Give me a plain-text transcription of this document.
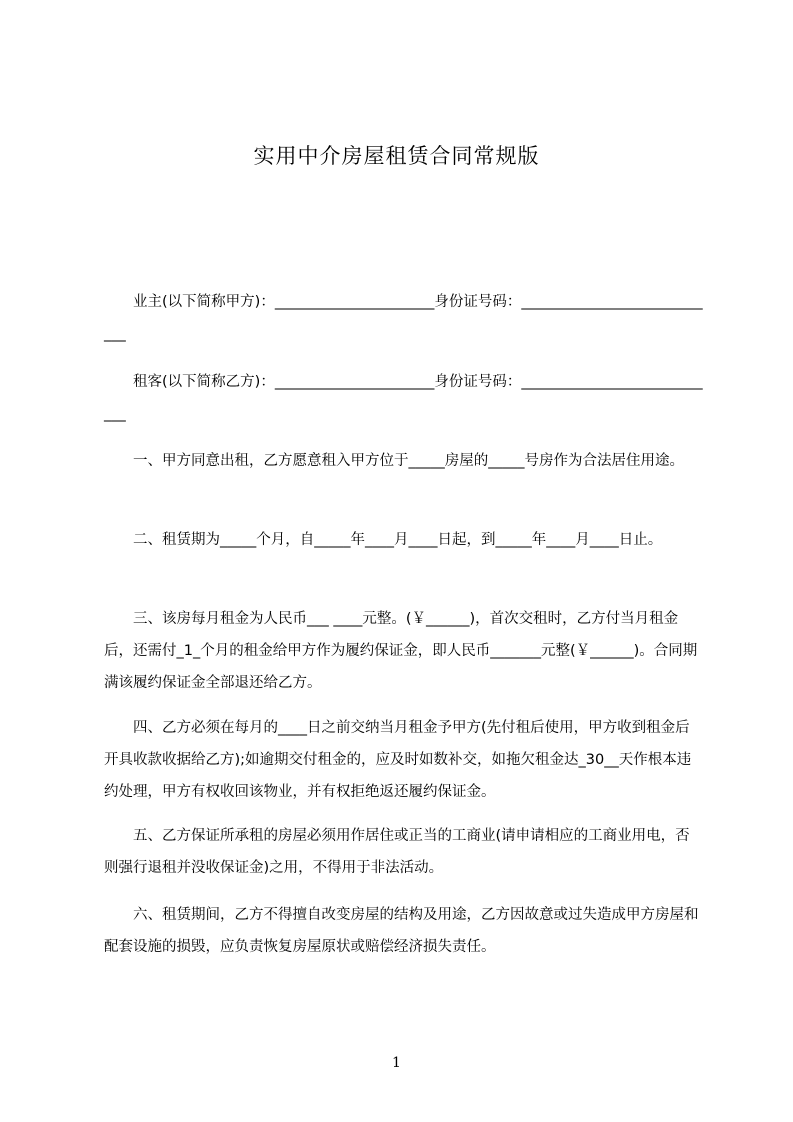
实用中介房屋租赁合同常规版
业主(以下简称甲方)：______________________身份证号码：____________________________
租客(以下简称乙方)：______________________身份证号码：____________________________
一、甲方同意出租，乙方愿意租入甲方位于_____房屋的_____号房作为合法居住用途。
二、租赁期为_____个月，自_____年____月____日起，到_____年____月____日止。
三、该房每月租金为人民币___ ____元整。(￥______)，首次交租时，乙方付当月租金后，还需付_1_个月的租金给甲方作为履约保证金，即人民币_______元整(￥______)。合同期满该履约保证金全部退还给乙方。
四、乙方必须在每月的____日之前交纳当月租金予甲方(先付租后使用，甲方收到租金后开具收款收据给乙方);如逾期交付租金的，应及时如数补交，如拖欠租金达_30__天作根本违约处理，甲方有权收回该物业，并有权拒绝返还履约保证金。
五、乙方保证所承租的房屋必须用作居住或正当的工商业(请申请相应的工商业用电，否则强行退租并没收保证金)之用，不得用于非法活动。
六、租赁期间，乙方不得擅自改变房屋的结构及用途，乙方因故意或过失造成甲方房屋和配套设施的损毁，应负责恢复房屋原状或赔偿经济损失责任。
1
